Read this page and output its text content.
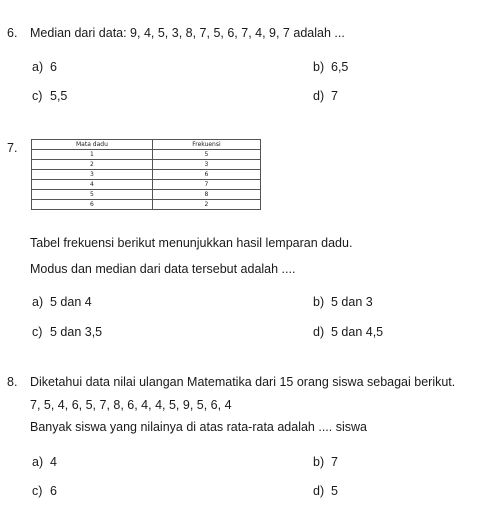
6. Median dari data: 9, 4, 5, 3, 8, 7, 5, 6, 7, 4, 9, 7 adalah ...
a) 6	b) 6,5
c) 5,5	d) 7
7.	Mata dadu	Frekuensi
1	5
2	3
3	6
4	7
5	8
6	2
Tabel frekuensi berikut menunjukkan hasil lemparan dadu.
Modus dan median dari data tersebut adalah ....
a) 5 dan 4	b) 5 dan 3
c) 5 dan 3,5	d) 5 dan 4,5
8. Diketahui data nilai ulangan Matematika dari 15 orang siswa sebagai berikut.
7, 5, 4, 6, 5, 7, 8, 6, 4, 4, 5, 9, 5, 6, 4
Banyak siswa yang nilainya di atas rata-rata adalah .... siswa
a) 4	b) 7
c) 6	d) 5
